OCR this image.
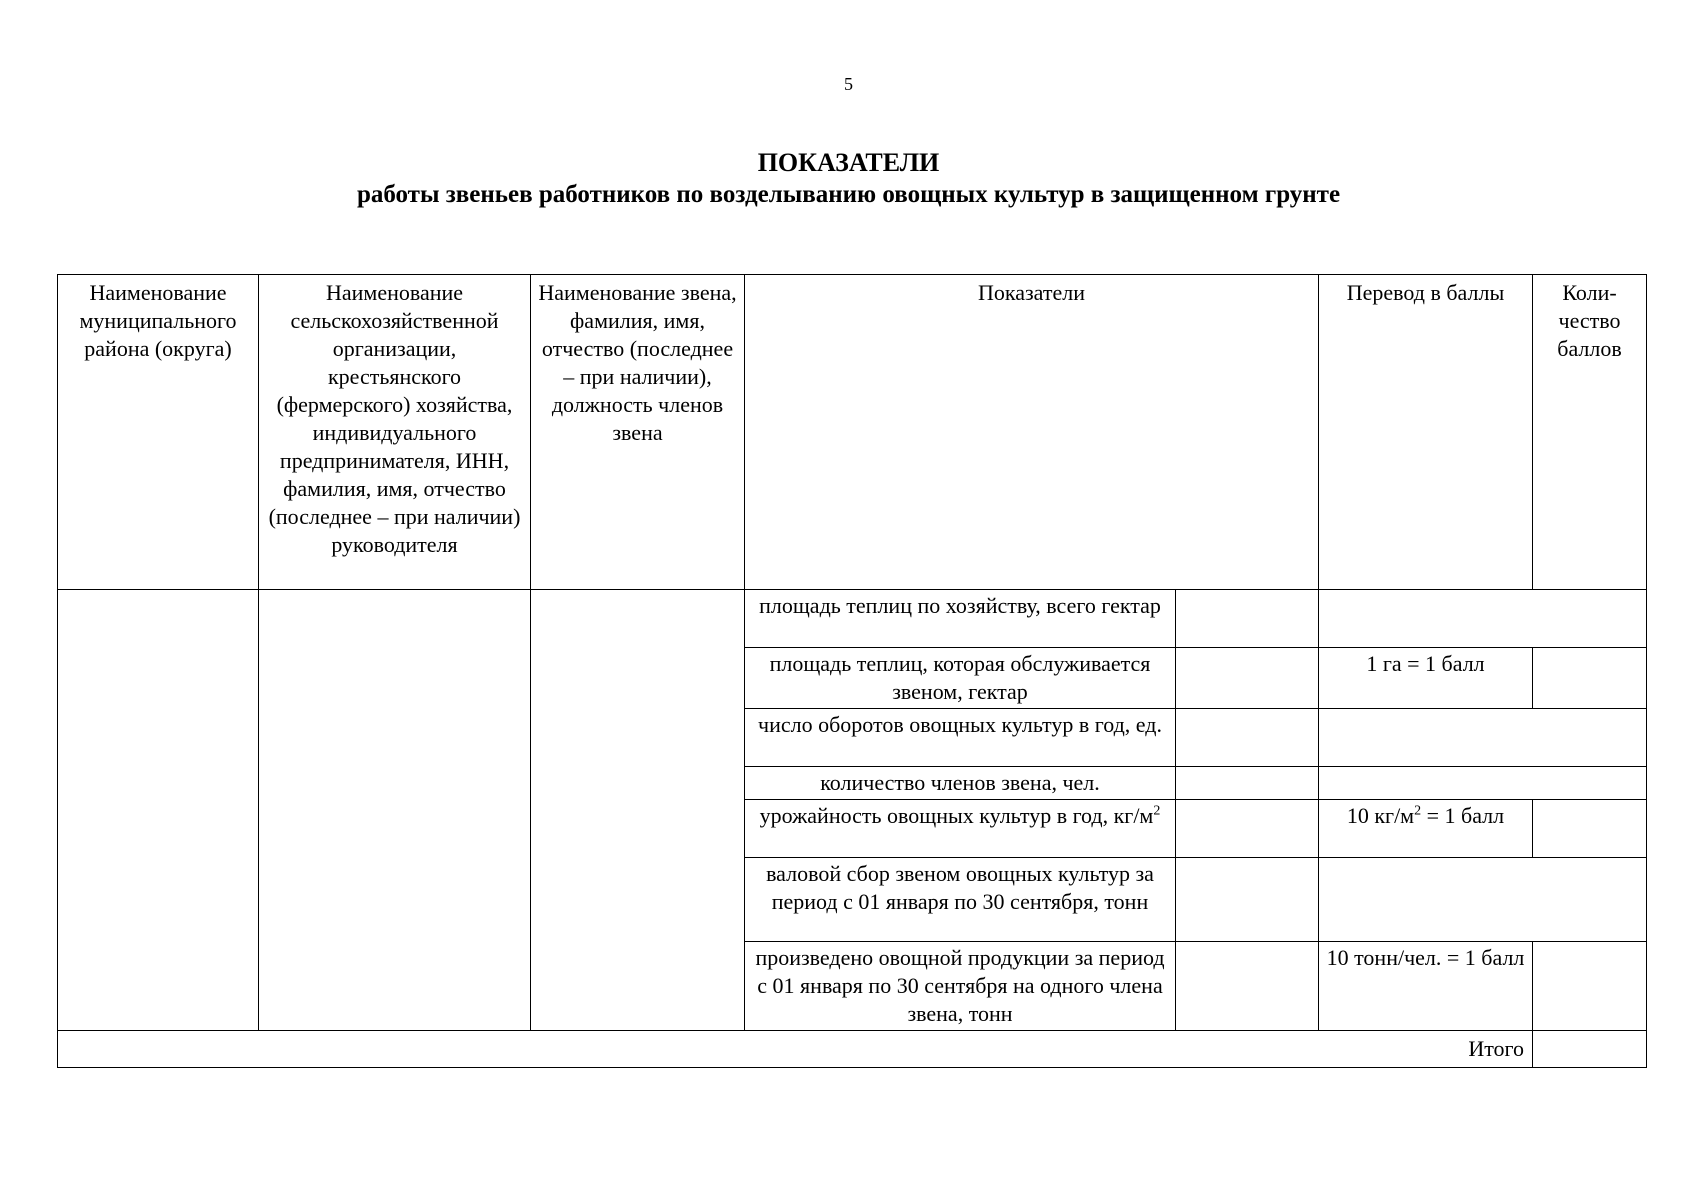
5
ПОКАЗАТЕЛИ
работы звеньев работников по возделыванию овощных культур в защищенном грунте
Наименование муниципального района (округа)	Наименование сельскохозяйственной организации, крестьянского (фермерского) хозяйства, индивидуального предпринимателя, ИНН, фамилия, имя, отчество (последнее – при наличии) руководителя	Наименование звена, фамилия, имя, отчество (последнее – при наличии), должность членов звена	Показатели		Перевод в баллы	Коли-
чество
баллов
			площадь теплиц по хозяйству, всего гектар			
			площадь теплиц, которая обслуживается звеном, гектар		1 га = 1 балл	
			число оборотов овощных культур в год, ед.			
			количество членов звена, чел.			
			урожайность овощных культур в год, $кг/м^2$		10 $кг/м^2 = 1$ балл	
			валовой сбор звеном овощных культур за период с 01 января по 30 сентября, тонн			
			произведено овощной продукции за период с 01 января по 30 сентября на одного члена звена, тонн		10 тонн/чел. = 1 балл	
Итого						
